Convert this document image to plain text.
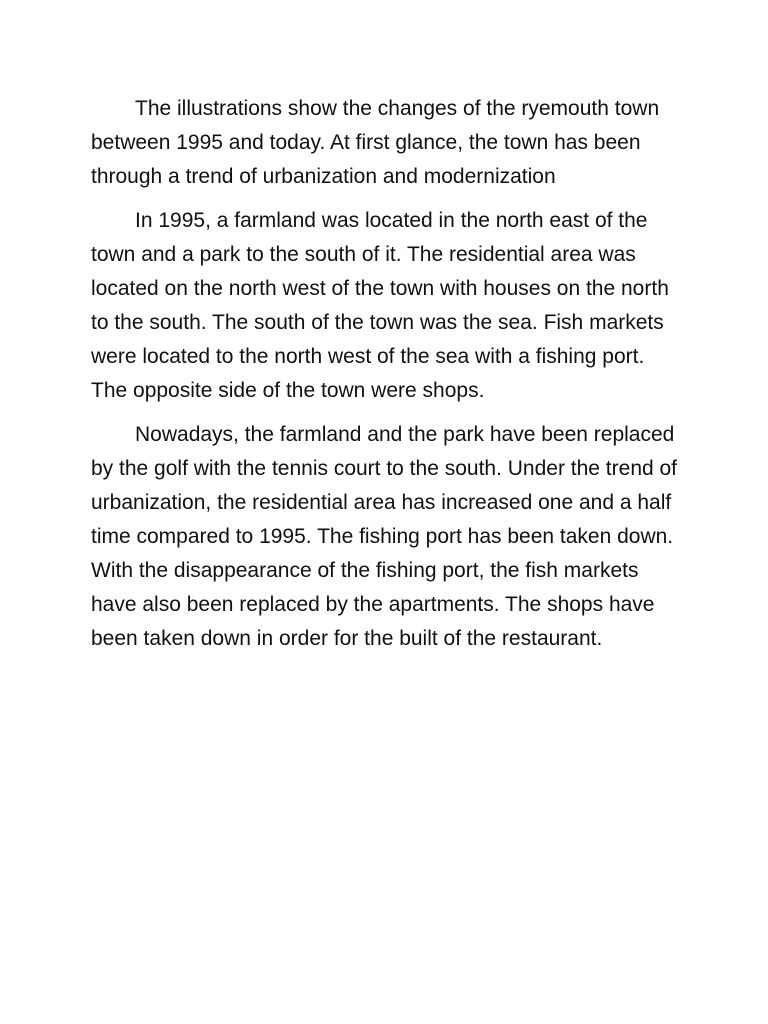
The illustrations show the changes of the ryemouth town between 1995 and today. At first glance, the town has been through a trend of urbanization and modernization

In 1995, a farmland was located in the north east of the town and a park to the south of it. The residential area was located on the north west of the town with houses on the north to the south. The south of the town was the sea. Fish markets were located to the north west of the sea with a fishing port. The opposite side of the town were shops.

Nowadays, the farmland and the park have been replaced by the golf with the tennis court to the south. Under the trend of urbanization, the residential area has increased one and a half time compared to 1995. The fishing port has been taken down. With the disappearance of the fishing port, the fish markets have also been replaced by the apartments. The shops have been taken down in order for the built of the restaurant.
